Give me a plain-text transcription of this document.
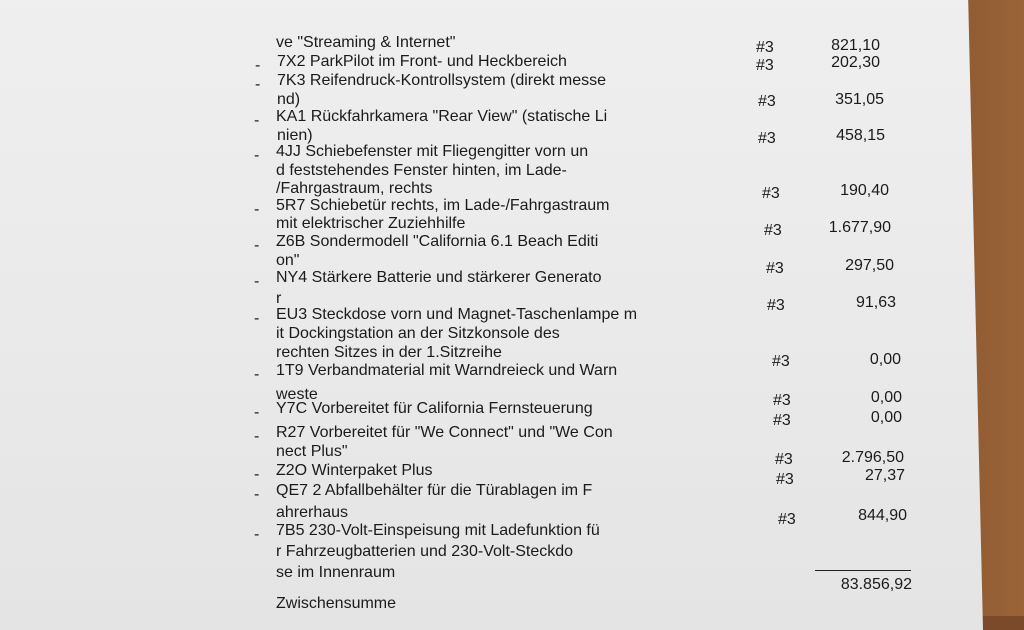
ve "Streaming & Internet"
7X2 ParkPilot im Front- und Heckbereich
-
7K3 Reifendruck-Kontrollsystem (direkt messe
-
nd)
KA1 Rückfahrkamera "Rear View" (statische Li
-
nien)
4JJ Schiebefenster mit Fliegengitter vorn un
-
d feststehendes Fenster hinten, im Lade-
/Fahrgastraum, rechts
5R7 Schiebetür rechts, im Lade-/Fahrgastraum
-
mit elektrischer Zuziehhilfe
Z6B Sondermodell "California 6.1 Beach Editi
-
on"
NY4 Stärkere Batterie und stärkerer Generato
-
r
EU3 Steckdose vorn und Magnet-Taschenlampe m
-
it Dockingstation an der Sitzkonsole des
rechten Sitzes in der 1.Sitzreihe
1T9 Verbandmaterial mit Warndreieck und Warn
-
weste
Y7C Vorbereitet für California Fernsteuerung
-
R27 Vorbereitet für "We Connect" und "We Con
-
nect Plus"
Z2O Winterpaket Plus
-
QE7 2 Abfallbehälter für die Türablagen im F
-
ahrerhaus
7B5 230-Volt-Einspeisung mit Ladefunktion fü
-
r Fahrzeugbatterien und 230-Volt-Steckdo
se im Innenraum
Zwischensumme
#3
#3
#3
#3
#3
#3
#3
#3
#3
#3
#3
#3
#3
#3
821,10
202,30
351,05
458,15
190,40
1.677,90
297,50
91,63
0,00
0,00
0,00
2.796,50
27,37
844,90
83.856,92
